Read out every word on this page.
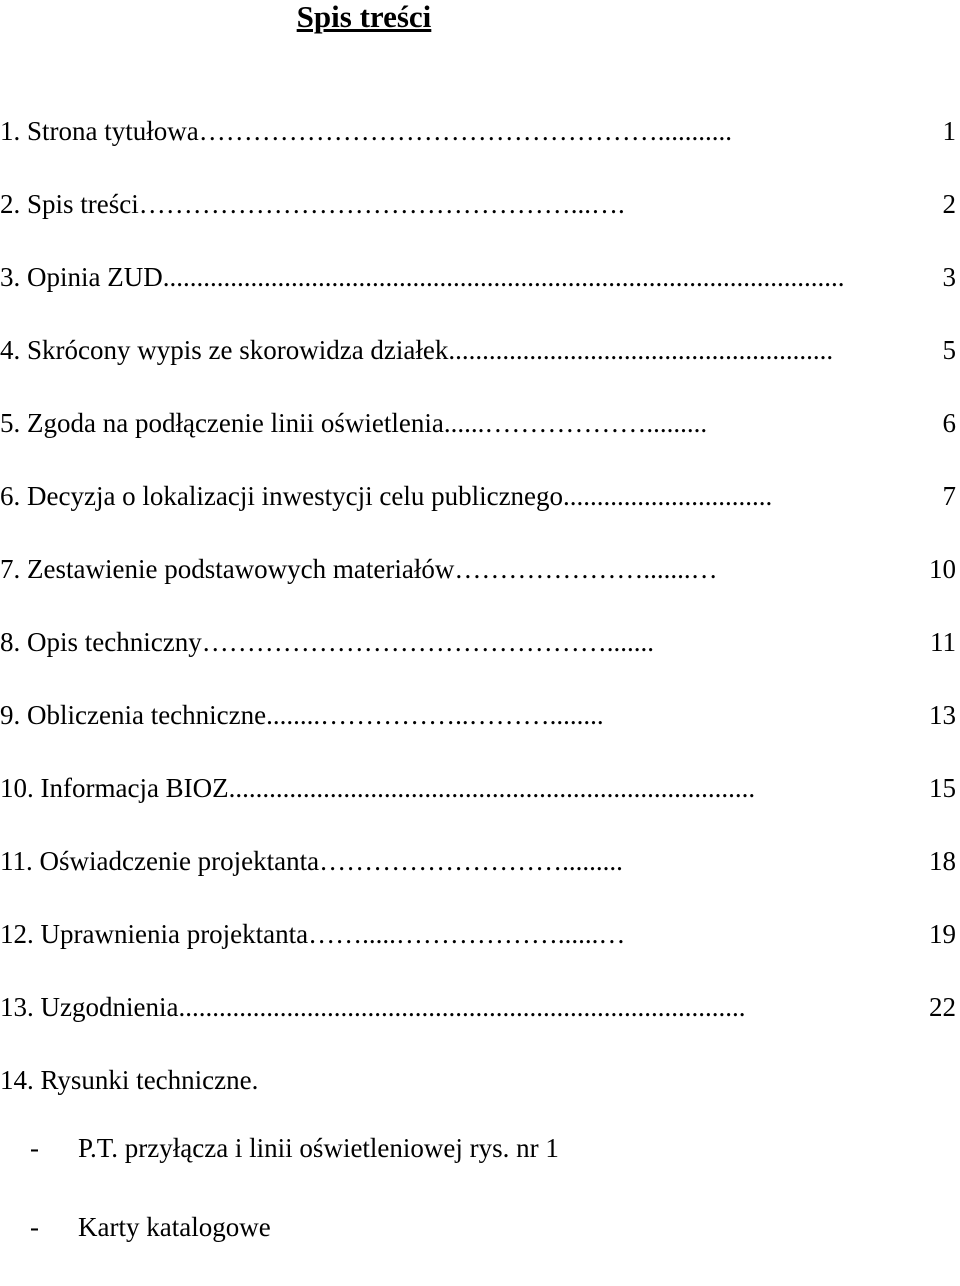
Spis treści
1. Strona tytułowa ……………………………………………...........	1
2. Spis treści …………………………………………...….	2
3. Opinia ZUD .....................................................................................................	3
4. Skrócony wypis ze skorowidza działek .........................................................	5
5. Zgoda na podłączenie linii oświetlenia ......……………….........	6
6. Decyzja o lokalizacji inwestycji celu publicznego ...............................	7
7. Zestawienie podstawowych materiałów ………………….......…	10
8. Opis techniczny ……………………………………….......	11
9. Obliczenia techniczne ........……………..………........	13
10. Informacja BIOZ ..............................................................................	15
11. Oświadczenie projektanta ……………………….........	18
12. Uprawnienia projektanta …….....………………......…	19
13. Uzgodnienia ....................................................................................	22
14. Rysunki techniczne.
-	P.T. przyłącza i linii oświetleniowej rys. nr 1
-	Karty katalogowe
